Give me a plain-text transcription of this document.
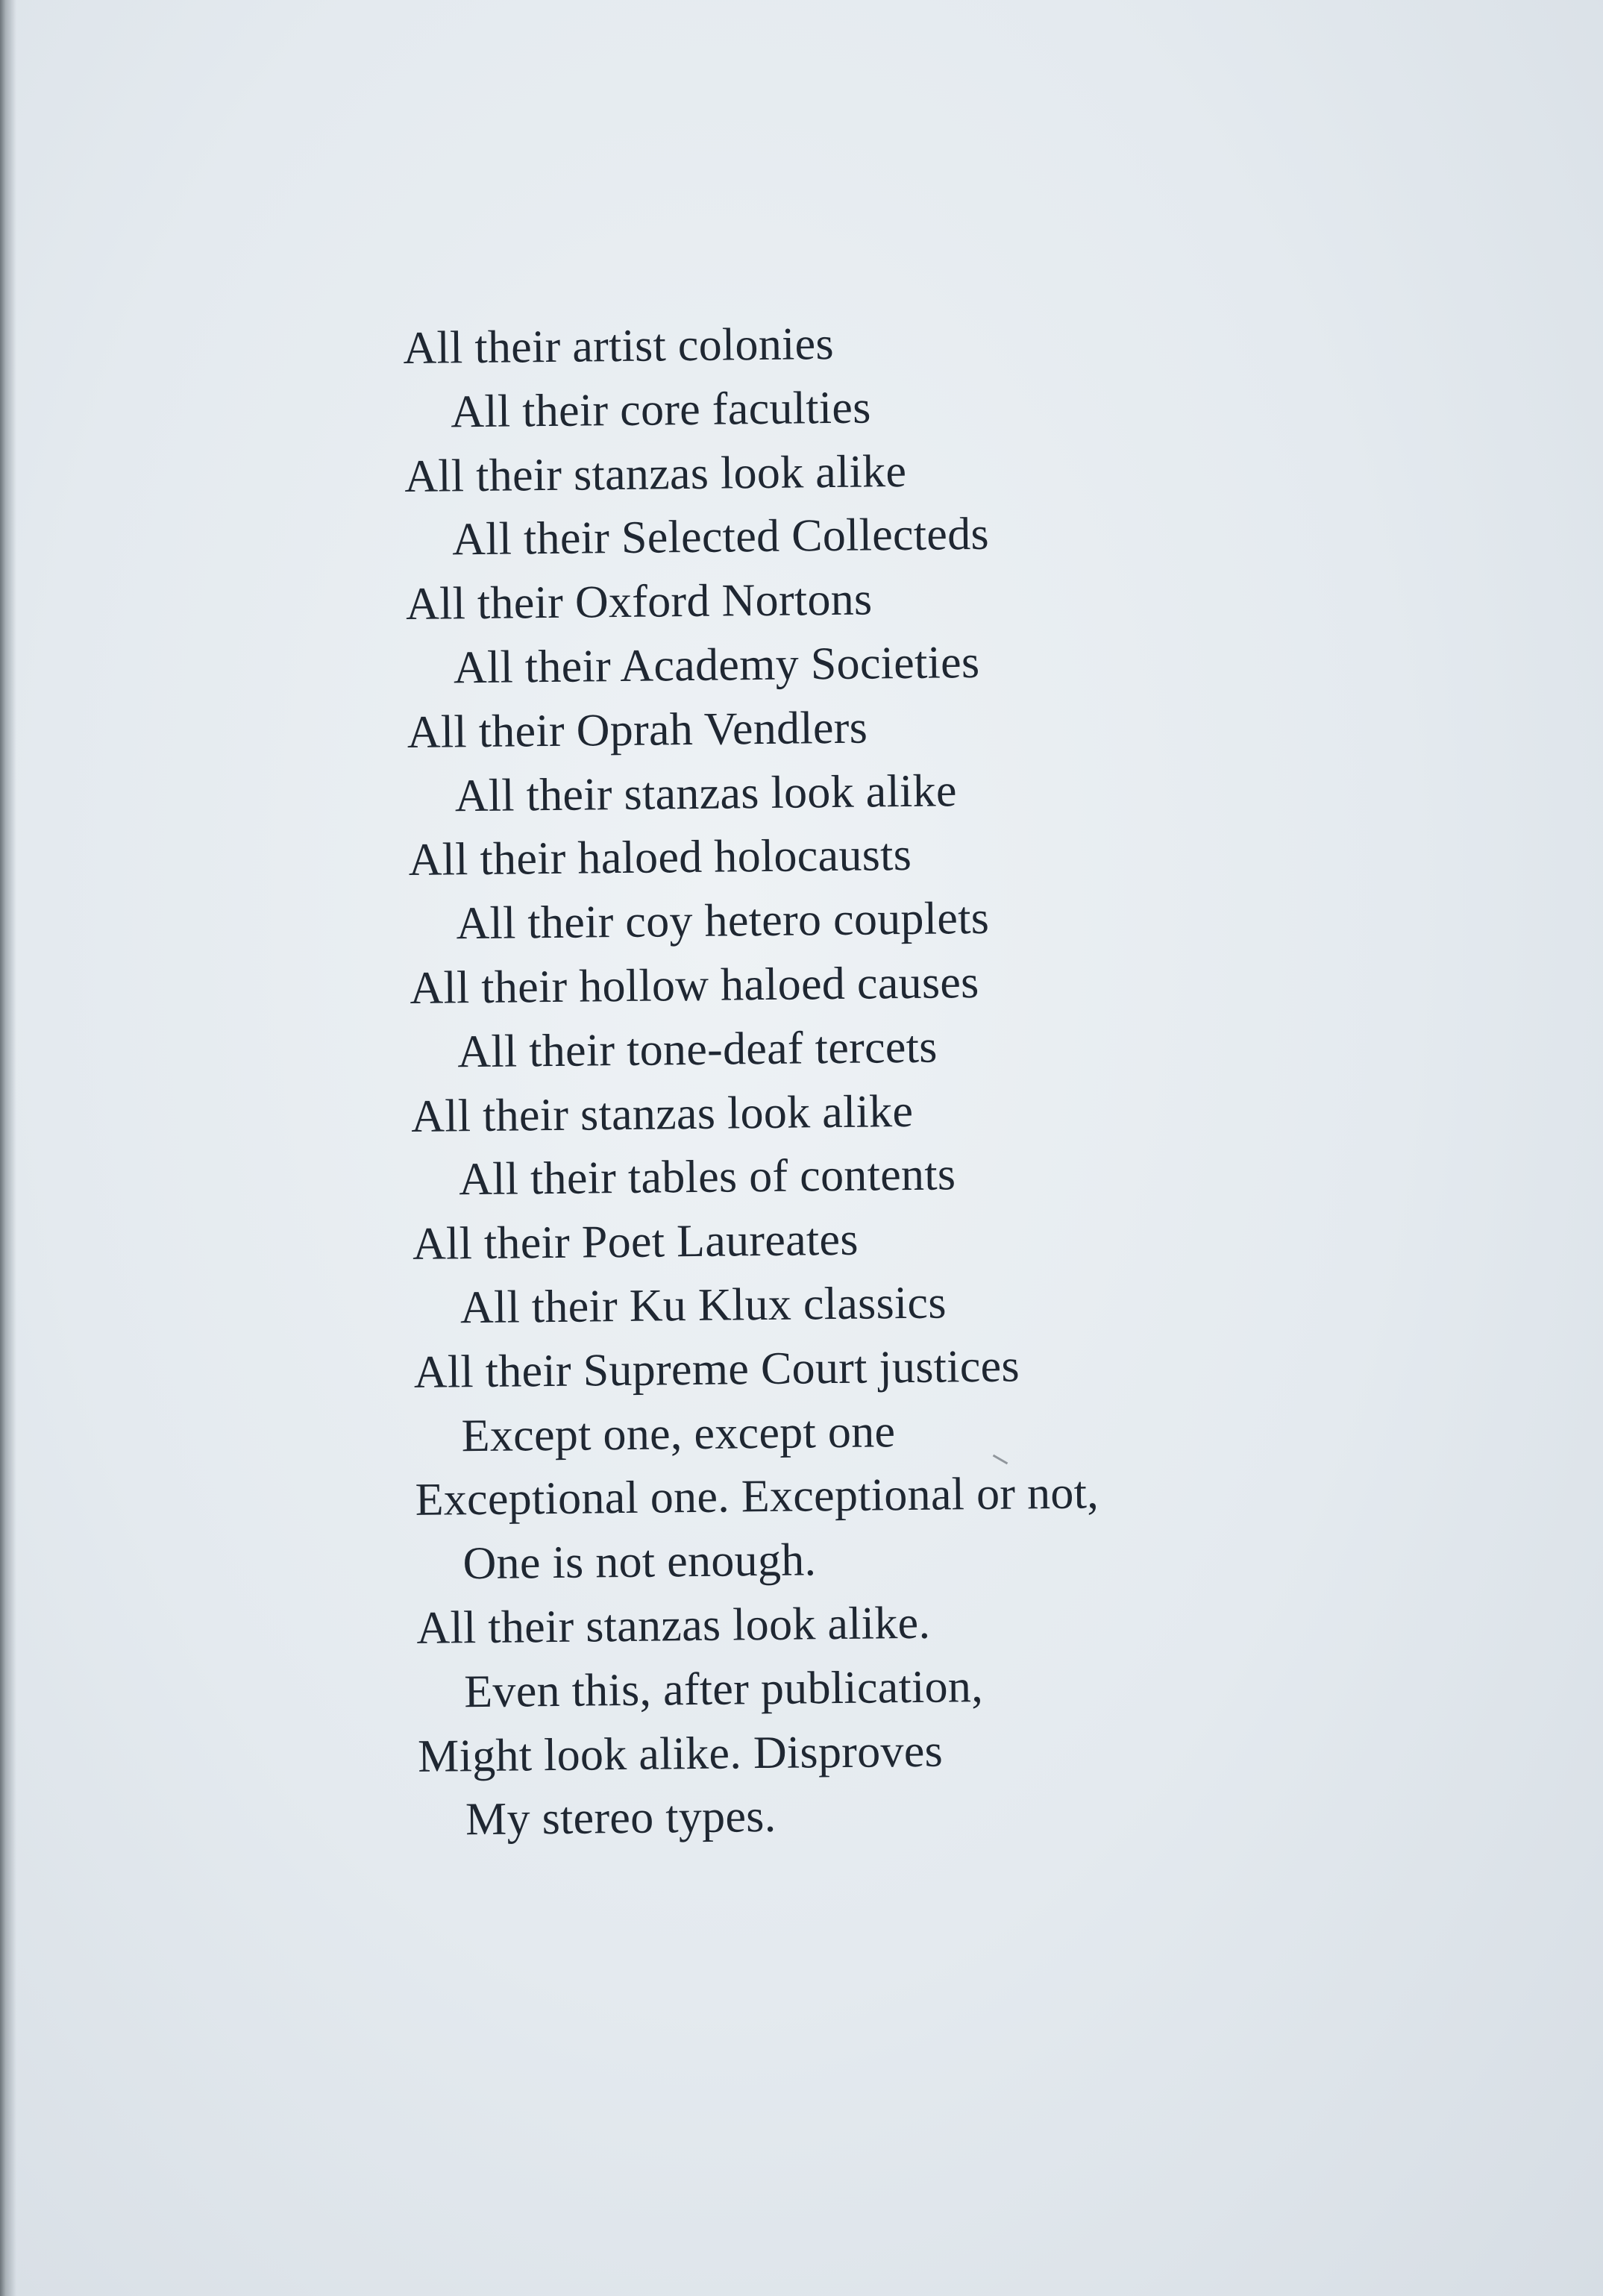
All their artist colonies
All their core faculties
All their stanzas look alike
All their Selected Collecteds
All their Oxford Nortons
All their Academy Societies
All their Oprah Vendlers
All their stanzas look alike
All their haloed holocausts
All their coy hetero couplets
All their hollow haloed causes
All their tone-deaf tercets
All their stanzas look alike
All their tables of contents
All their Poet Laureates
All their Ku Klux classics
All their Supreme Court justices
Except one, except one
Exceptional one. Exceptional or not,
One is not enough.
All their stanzas look alike.
Even this, after publication,
Might look alike. Disproves
My stereo types.
